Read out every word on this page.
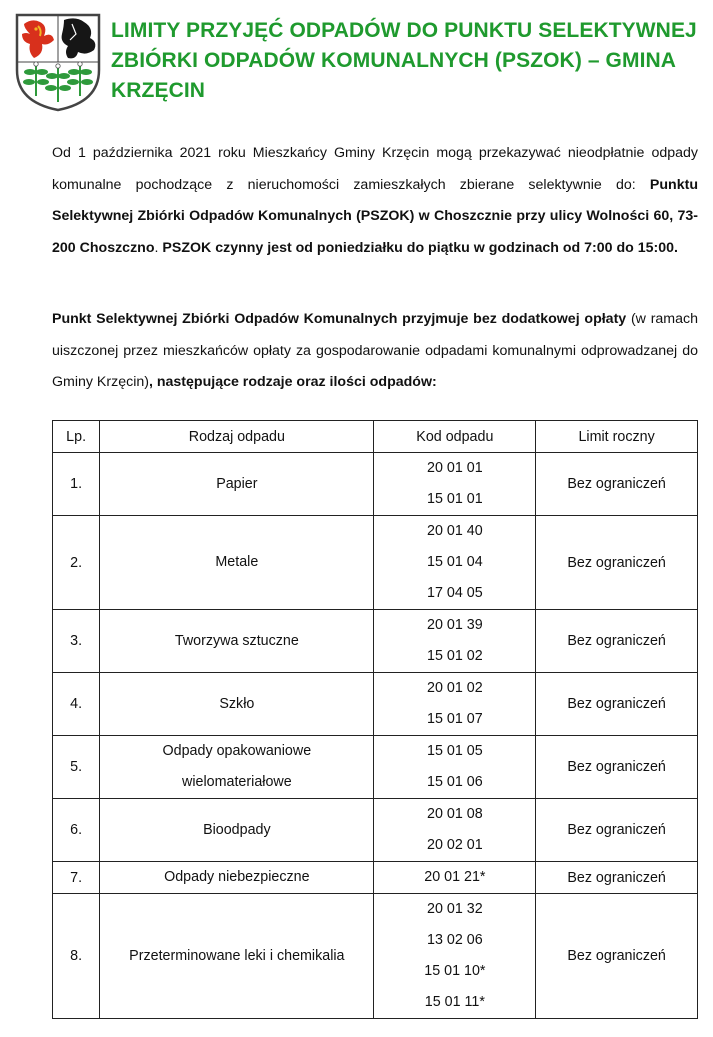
LIMITY PRZYJĘĆ ODPADÓW DO PUNKTU SELEKTYWNEJ ZBIÓRKI ODPADÓW KOMUNALNYCH (PSZOK) – GMINA KRZĘCIN

Od 1 października 2021 roku Mieszkańcy Gminy Krzęcin mogą przekazywać nieodpłatnie odpady komunalne pochodzące z nieruchomości zamieszkałych zbierane selektywnie do: Punktu Selektywnej Zbiórki Odpadów Komunalnych (PSZOK) w Choszcznie przy ulicy Wolności 60, 73-200 Choszczno. PSZOK czynny jest od poniedziałku do piątku w godzinach od 7:00 do 15:00.

Punkt Selektywnej Zbiórki Odpadów Komunalnych przyjmuje bez dodatkowej opłaty (w ramach uiszczonej przez mieszkańców opłaty za gospodarowanie odpadami komunalnymi odprowadzanej do Gminy Krzęcin), następujące rodzaje oraz ilości odpadów:

Lp.	Rodzaj odpadu	Kod odpadu	Limit roczny
1.	Papier	20 01 01
15 01 01	Bez ograniczeń
2.	Metale	20 01 40
15 01 04
17 04 05	Bez ograniczeń
3.	Tworzywa sztuczne	20 01 39
15 01 02	Bez ograniczeń
4.	Szkło	20 01 02
15 01 07	Bez ograniczeń
5.	Odpady opakowaniowe wielomateriałowe	15 01 05
15 01 06	Bez ograniczeń
6.	Bioodpady	20 01 08
20 02 01	Bez ograniczeń
7.	Odpady niebezpieczne	20 01 21*	Bez ograniczeń
8.	Przeterminowane leki i chemikalia	20 01 32
13 02 06
15 01 10*
15 01 11*	Bez ograniczeń
